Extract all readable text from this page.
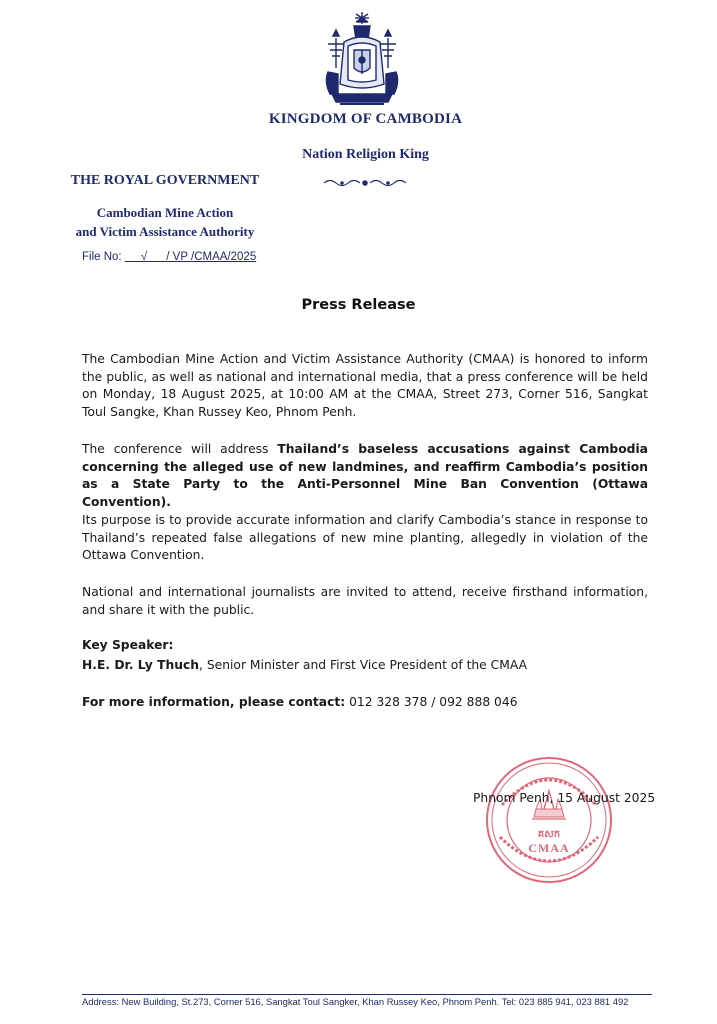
KINGDOM OF CAMBODIA
Nation Religion King
THE ROYAL GOVERNMENT
Cambodian Mine Action
and Victim Assistance Authority
File No: √ / VP /CMAA/2025
Press Release

The Cambodian Mine Action and Victim Assistance Authority (CMAA) is honored to inform the public, as well as national and international media, that a press conference will be held on Monday, 18 August 2025, at 10:00 AM at the CMAA, Street 273, Corner 516, Sangkat Toul Sangke, Khan Russey Keo, Phnom Penh.

The conference will address Thailand’s baseless accusations against Cambodia concerning the alleged use of new landmines, and reaffirm Cambodia’s position as a State Party to the Anti-Personnel Mine Ban Convention (Ottawa Convention).

Its purpose is to provide accurate information and clarify Cambodia’s stance in response to Thailand’s repeated false allegations of new mine planting, allegedly in violation of the Ottawa Convention.

National and international journalists are invited to attend, receive firsthand information, and share it with the public.

Key Speaker:

H.E. Dr. Ly Thuch, Senior Minister and First Vice President of the CMAA

For more information, please contact: 012 328 378 / 092 888 046

គសក
CMAA
Phnom Penh, 15 August 2025
Address: New Building, St.273, Corner 516, Sangkat Toul Sangker, Khan Russey Keo, Phnom Penh. Tel: 023 885 941, 023 881 492
